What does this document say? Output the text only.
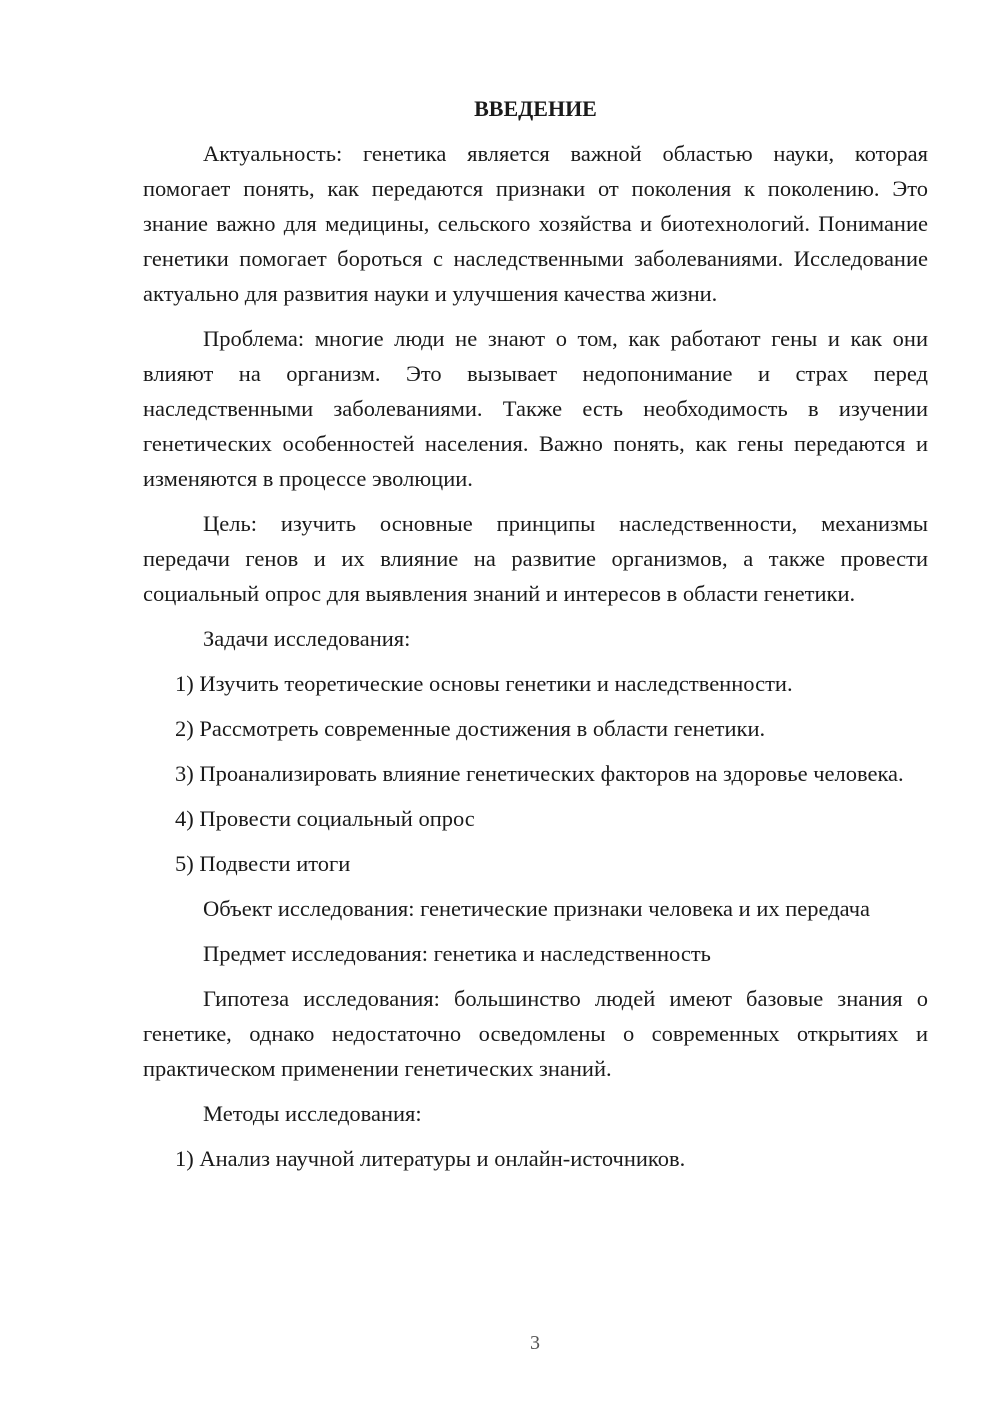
ВВЕДЕНИЕ

Актуальность: генетика является важной областью науки, которая помогает понять, как передаются признаки от поколения к поколению. Это знание важно для медицины, сельского хозяйства и биотехнологий. Понимание генетики помогает бороться с наследственными заболеваниями. Исследование актуально для развития науки и улучшения качества жизни.

Проблема: многие люди не знают о том, как работают гены и как они влияют на организм. Это вызывает недопонимание и страх перед наследственными заболеваниями. Также есть необходимость в изучении генетических особенностей населения. Важно понять, как гены передаются и изменяются в процессе эволюции.

Цель: изучить основные принципы наследственности, механизмы передачи генов и их влияние на развитие организмов, а также провести социальный опрос для выявления знаний и интересов в области генетики.

Задачи исследования:

1) Изучить теоретические основы генетики и наследственности.

2) Рассмотреть современные достижения в области генетики.

3) Проанализировать влияние генетических факторов на здоровье человека.

4) Провести социальный опрос

5) Подвести итоги

Объект исследования: генетические признаки человека и их передача

Предмет исследования: генетика и наследственность

Гипотеза исследования: большинство людей имеют базовые знания о генетике, однако недостаточно осведомлены о современных открытиях и практическом применении генетических знаний.

Методы исследования:

1) Анализ научной литературы и онлайн-источников.

3
